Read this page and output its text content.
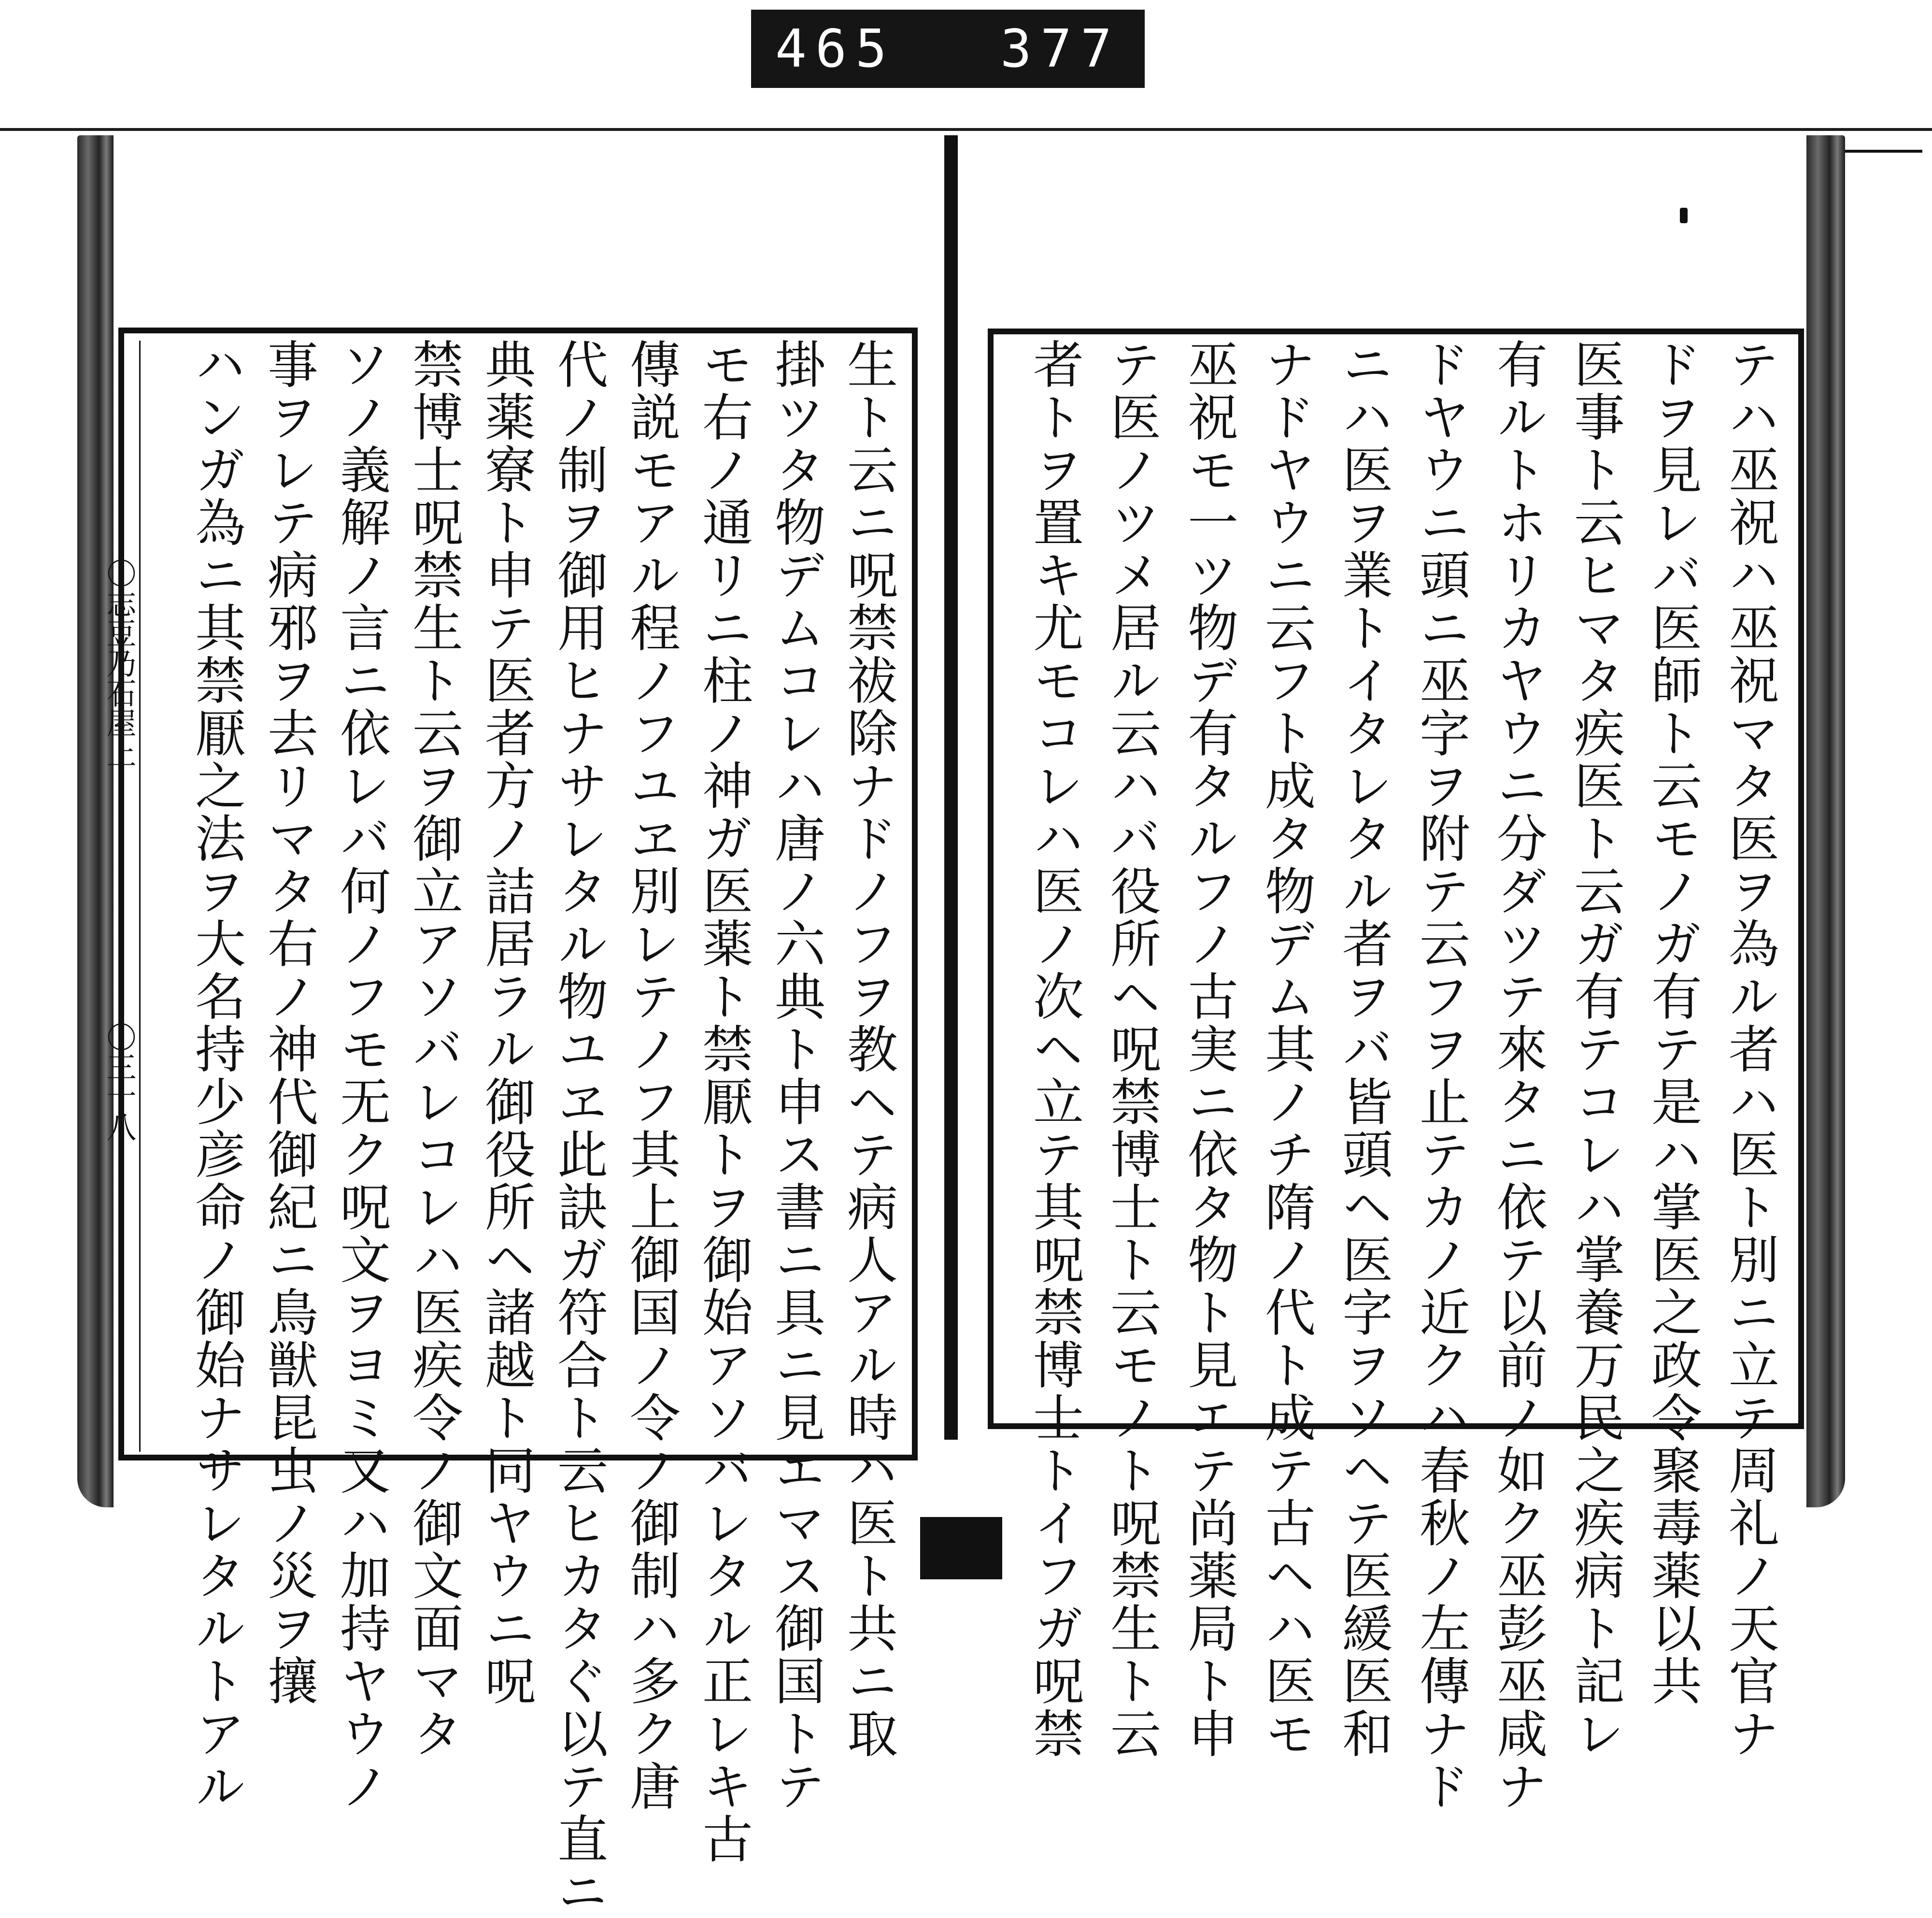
465 377
テハ巫祝ハ巫祝マタ医ヲ為ル者ハ医ト別ニ立テ周礼ノ天官ナ
ドヲ見レバ医師ト云モノガ有テ是ハ掌医之政令聚毒薬以共
医事ト云ヒマタ疾医ト云ガ有テコレハ掌養万民之疾病ト記レ
有ルトホリカヤウニ分ダツテ來タニ依テ以前ノ如ク巫彭巫咸ナ
ドヤウニ頭ニ巫字ヲ附テ云フヲ止テカノ近クハ春秋ノ左傳ナド
ニハ医ヲ業トイタレタル者ヲバ皆頭ヘ医字ヲソヘテ医緩医和
ナドヤウニ云フト成タ物デム其ノチ隋ノ代ト成テ古ヘハ医モ
巫祝モ一ツ物デ有タルフノ古実ニ依タ物ト見エテ尚薬局ト申
テ医ノツメ居ル云ハバ役所ヘ呪禁博士ト云モノト呪禁生ト云
者トヲ置キ尤モコレハ医ノ次ヘ立テ其呪禁博士トイフガ呪禁
生ト云ニ呪禁祓除ナドノフヲ教ヘテ病人アル時ハ医ト共ニ取
掛ツタ物デムコレハ唐ノ六典ト申ス書ニ具ニ見エマス御国トテ
モ右ノ通リニ柱ノ神ガ医薬ト禁厭トヲ御始アソバレタル正レキ古
傳説モアル程ノフユヱ別レテノフ其上御国ノ令ノ御制ハ多ク唐
代ノ制ヲ御用ヒナサレタル物ユヱ此訣ガ符合ト云ヒカタぐ以テ直ニ
典薬寮ト申テ医者方ノ詰居ラル御役所ヘ諸越ト同ヤウニ呪
禁博士呪禁生ト云ヲ御立アソバレコレハ医疾令ノ御文面マタ
ソノ義解ノ言ニ依レバ何ノフモ无ク呪文ヲヨミ又ハ加持ヤウノ
事ヲレテ病邪ヲ去リマタ右ノ神代御紀ニ鳥獣昆虫ノ災ヲ攘
ハンガ為ニ其禁厭之法ヲ大名持少彦命ノ御始ナサレタルトアル
〇志豆乃石屋上
〇三十八
